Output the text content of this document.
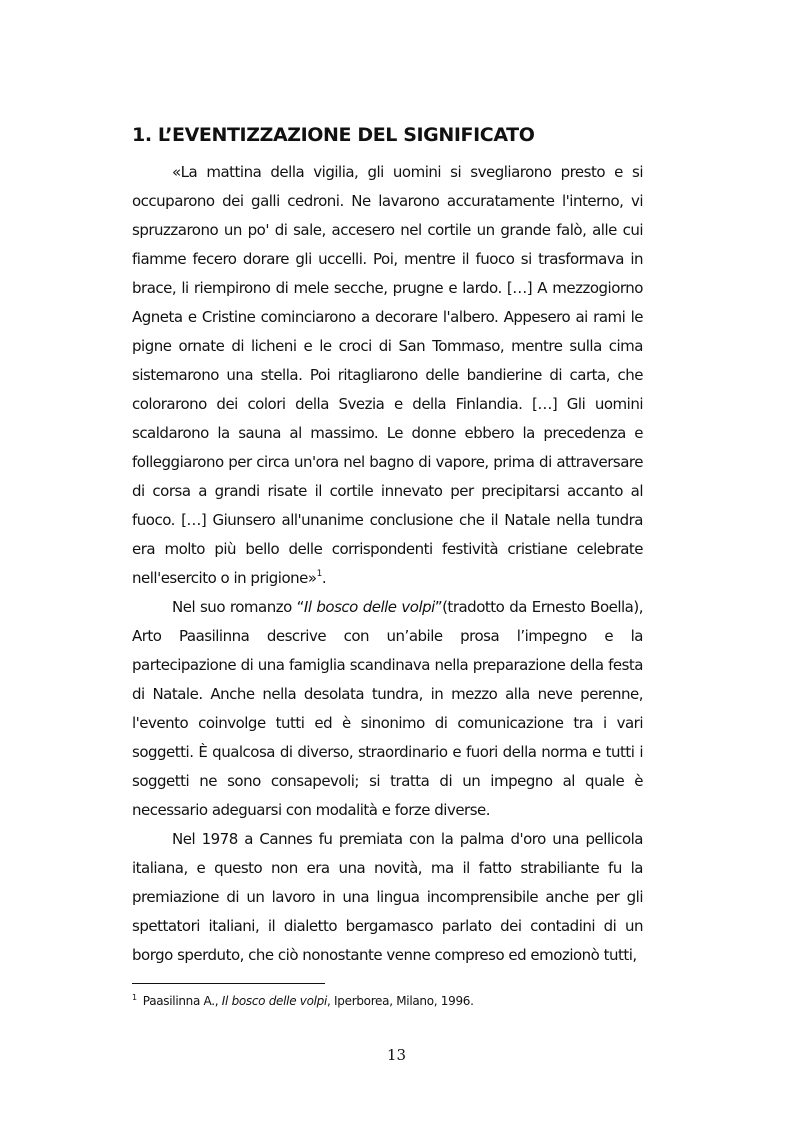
1. L’EVENTIZZAZIONE DEL SIGNIFICATO

«La mattina della vigilia, gli uomini si svegliarono presto e si occuparono dei galli cedroni. Ne lavarono accuratamente l'interno, vi spruzzarono un po' di sale, accesero nel cortile un grande falò, alle cui fiamme fecero dorare gli uccelli. Poi, mentre il fuoco si trasformava in brace, li riempirono di mele secche, prugne e lardo. […] A mezzogiorno Agneta e Cristine cominciarono a decorare l'albero. Appesero ai rami le pigne ornate di licheni e le croci di San Tommaso, mentre sulla cima sistemarono una stella. Poi ritagliarono delle bandierine di carta, che colorarono dei colori della Svezia e della Finlandia. […] Gli uomini scaldarono la sauna al massimo. Le donne ebbero la precedenza e folleggiarono per circa un'ora nel bagno di vapore, prima di attraversare di corsa a grandi risate il cortile innevato per precipitarsi accanto al fuoco. […] Giunsero all'unanime conclusione che il Natale nella tundra era molto più bello delle corrispondenti festività cristiane celebrate nell'esercito o in prigione»$^1$.

Nel suo romanzo “Il bosco delle volpi”(tradotto da Ernesto Boella), Arto Paasilinna descrive con un’abile prosa l’impegno e la partecipazione di una famiglia scandinava nella preparazione della festa di Natale. Anche nella desolata tundra, in mezzo alla neve perenne, l'evento coinvolge tutti ed è sinonimo di comunicazione tra i vari soggetti. È qualcosa di diverso, straordinario e fuori della norma e tutti i soggetti ne sono consapevoli; si tratta di un impegno al quale è necessario adeguarsi con modalità e forze diverse.

Nel 1978 a Cannes fu premiata con la palma d'oro una pellicola italiana, e questo non era una novità, ma il fatto strabiliante fu la premiazione di un lavoro in una lingua incomprensibile anche per gli spettatori italiani, il dialetto bergamasco parlato dei contadini di un borgo sperduto, che ciò nonostante venne compreso ed emozionò tutti,

$^1$ Paasilinna A., Il bosco delle volpi, Iperborea, Milano, 1996.
13
